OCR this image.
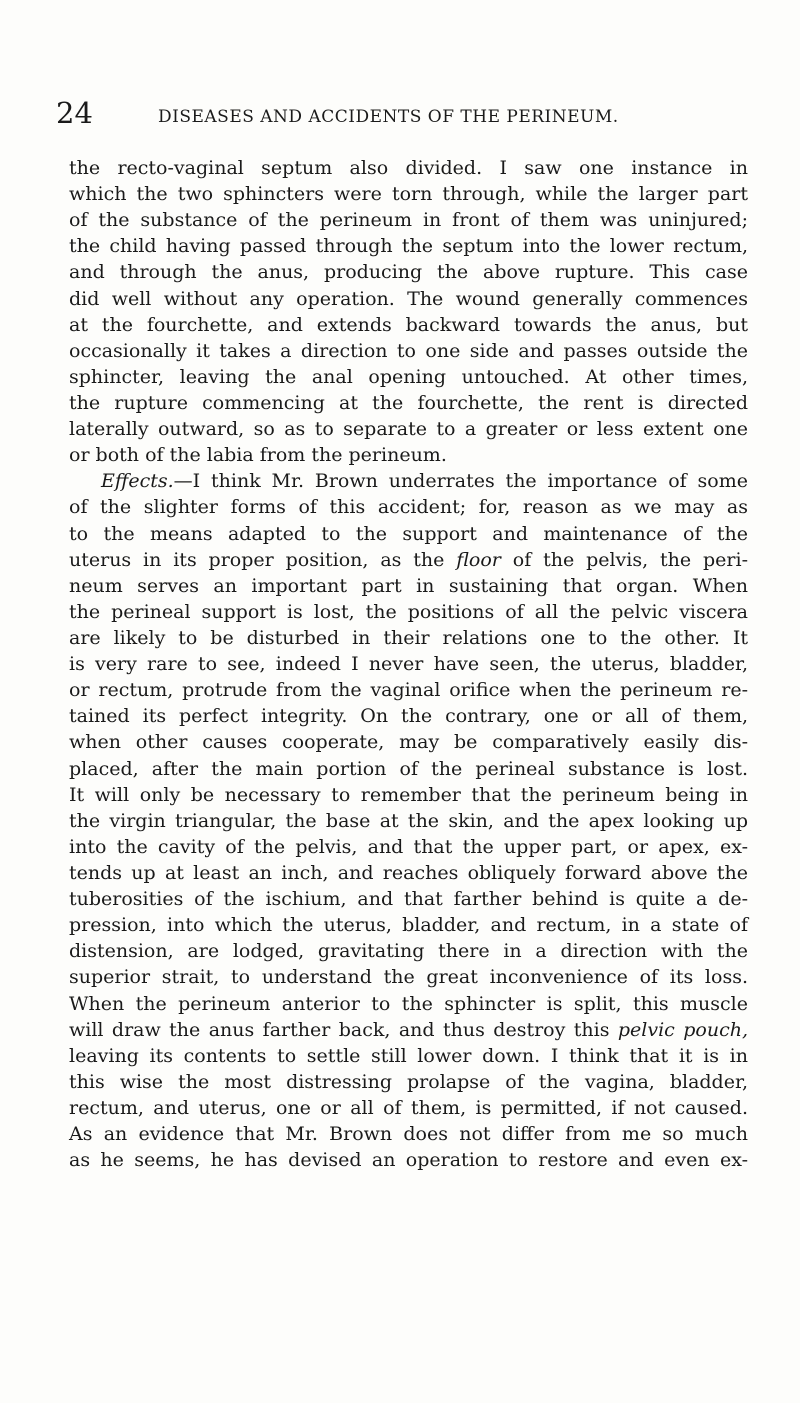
24	DISEASES AND ACCIDENTS OF THE PERINEUM.
the recto-vaginal septum also divided. I saw one instance in
which the two sphincters were torn through, while the larger part
of the substance of the perineum in front of them was uninjured;
the child having passed through the septum into the lower rectum,
and through the anus, producing the above rupture. This case
did well without any operation. The wound generally commences
at the fourchette, and extends backward towards the anus, but
occasionally it takes a direction to one side and passes outside the
sphincter, leaving the anal opening untouched. At other times,
the rupture commencing at the fourchette, the rent is directed
laterally outward, so as to separate to a greater or less extent one
or both of the labia from the perineum.
Effects.—I think Mr. Brown underrates the importance of some
of the slighter forms of this accident; for, reason as we may as
to the means adapted to the support and maintenance of the
uterus in its proper position, as the floor of the pelvis, the peri-
neum serves an important part in sustaining that organ. When
the perineal support is lost, the positions of all the pelvic viscera
are likely to be disturbed in their relations one to the other. It
is very rare to see, indeed I never have seen, the uterus, bladder,
or rectum, protrude from the vaginal orifice when the perineum re-
tained its perfect integrity. On the contrary, one or all of them,
when other causes cooperate, may be comparatively easily dis-
placed, after the main portion of the perineal substance is lost.
It will only be necessary to remember that the perineum being in
the virgin triangular, the base at the skin, and the apex looking up
into the cavity of the pelvis, and that the upper part, or apex, ex-
tends up at least an inch, and reaches obliquely forward above the
tuberosities of the ischium, and that farther behind is quite a de-
pression, into which the uterus, bladder, and rectum, in a state of
distension, are lodged, gravitating there in a direction with the
superior strait, to understand the great inconvenience of its loss.
When the perineum anterior to the sphincter is split, this muscle
will draw the anus farther back, and thus destroy this pelvic pouch,
leaving its contents to settle still lower down. I think that it is in
this wise the most distressing prolapse of the vagina, bladder,
rectum, and uterus, one or all of them, is permitted, if not caused.
As an evidence that Mr. Brown does not differ from me so much
as he seems, he has devised an operation to restore and even ex-
